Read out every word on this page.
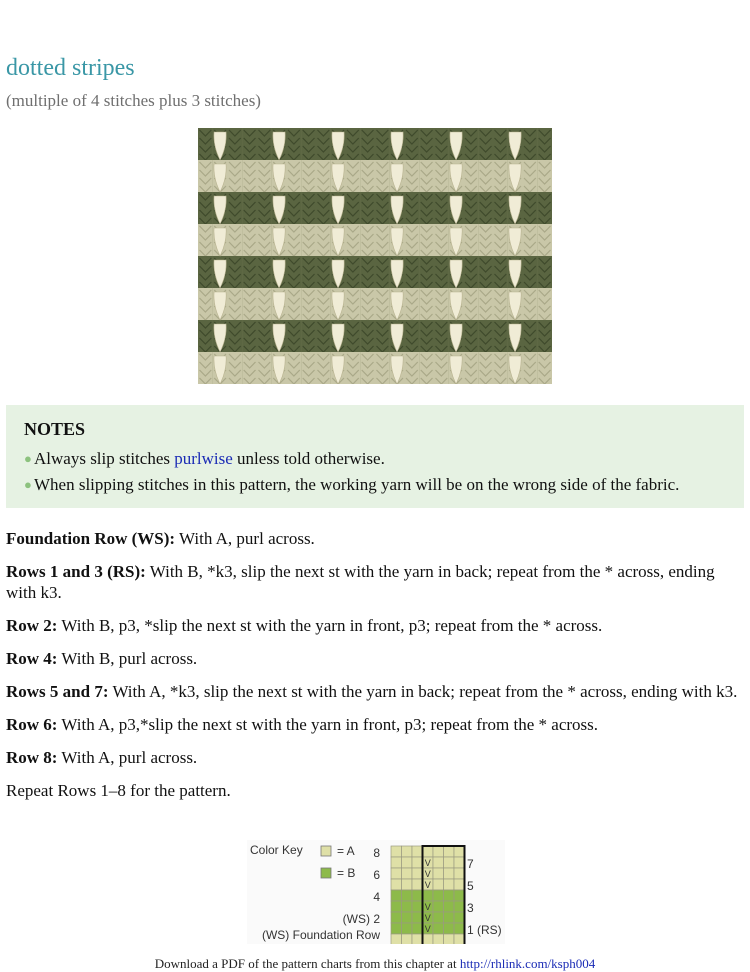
dotted stripes
(multiple of 4 stitches plus 3 stitches)
NOTES
● Always slip stitches purlwise unless told otherwise.
● When slipping stitches in this pattern, the working yarn will be on the wrong side of the fabric.

Foundation Row (WS): With A, purl across.

Rows 1 and 3 (RS): With B, *k3, slip the next st with the yarn in back; repeat from the * across, ending with k3.

Row 2: With B, p3, *slip the next st with the yarn in front, p3; repeat from the * across.

Row 4: With B, purl across.

Rows 5 and 7: With A, *k3, slip the next st with the yarn in back; repeat from the * across, ending with k3.

Row 6: With A, p3,*slip the next st with the yarn in front, p3; repeat from the * across.

Row 8: With A, purl across.

Repeat Rows 1–8 for the pattern.

Color Key	= A
= B
V
V
V
V
V
V
8
6
4
(WS) 2
(WS) Foundation Row
7
5
3
1 (RS)
Download a PDF of the pattern charts from this chapter at http://rhlink.com/ksph004
